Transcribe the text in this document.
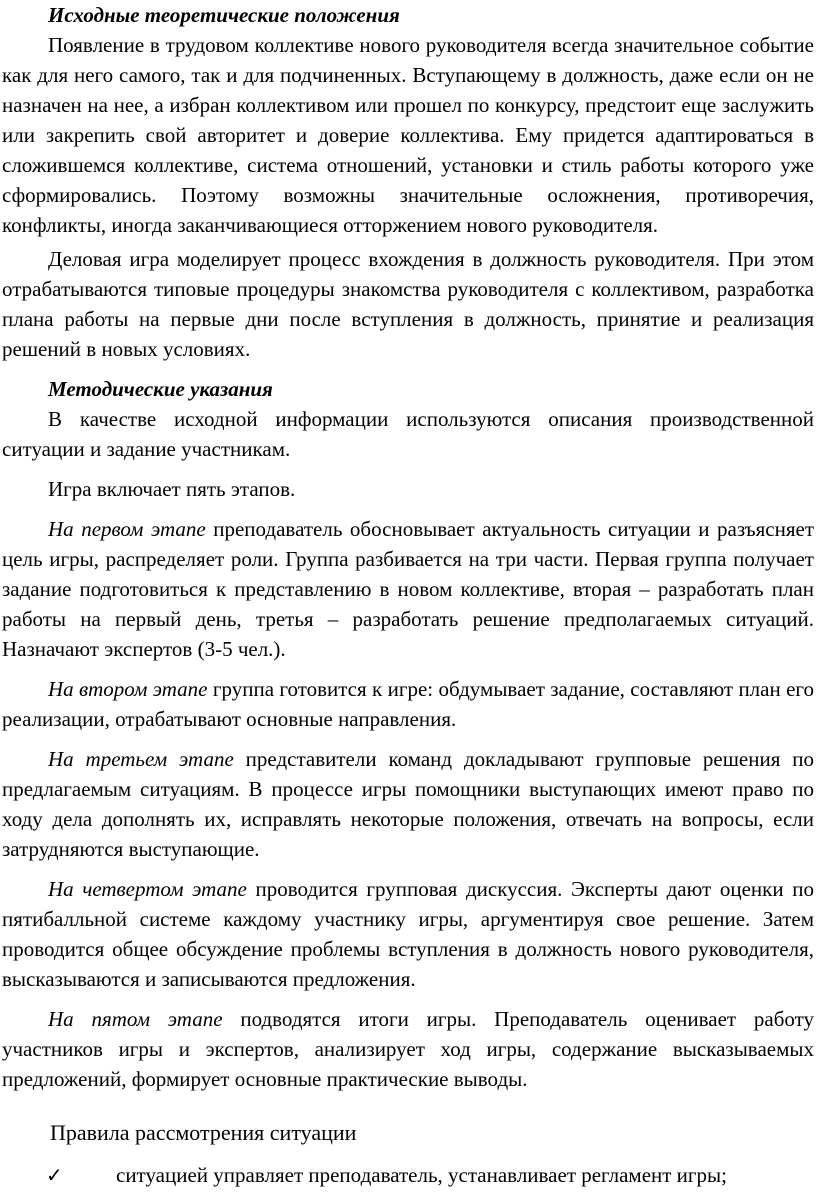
Исходные теоретические положения

Появление в трудовом коллективе нового руководителя всегда значительное событие как для него самого, так и для подчиненных. Вступающему в должность, даже если он не назначен на нее, а избран коллективом или прошел по конкурсу, предстоит еще заслужить или закрепить свой авторитет и доверие коллектива. Ему придется адаптироваться в сложившемся коллективе, система отношений, установки и стиль работы которого уже сформировались. Поэтому возможны значительные осложнения, противоречия, конфликты, иногда заканчивающиеся отторжением нового руководителя.

Деловая игра моделирует процесс вхождения в должность руководителя. При этом отрабатываются типовые процедуры знакомства руководителя с коллективом, разработка плана работы на первые дни после вступления в должность, принятие и реализация решений в новых условиях.

Методические указания

В качестве исходной информации используются описания производственной ситуации и задание участникам.

Игра включает пять этапов.

На первом этапе преподаватель обосновывает актуальность ситуации и разъясняет цель игры, распределяет роли. Группа разбивается на три части. Первая группа получает задание подготовиться к представлению в новом коллективе, вторая – разработать план работы на первый день, третья – разработать решение предполагаемых ситуаций. Назначают экспертов (3-5 чел.).

На втором этапе группа готовится к игре: обдумывает задание, составляют план его реализации, отрабатывают основные направления.

На третьем этапе представители команд докладывают групповые решения по предлагаемым ситуациям. В процессе игры помощники выступающих имеют право по ходу дела дополнять их, исправлять некоторые положения, отвечать на вопросы, если затрудняются выступающие.

На четвертом этапе проводится групповая дискуссия. Эксперты дают оценки по пятибалльной системе каждому участнику игры, аргументируя свое решение. Затем проводится общее обсуждение проблемы вступления в должность нового руководителя, высказываются и записываются предложения.

На пятом этапе подводятся итоги игры. Преподаватель оценивает работу участников игры и экспертов, анализирует ход игры, содержание высказываемых предложений, формирует основные практические выводы.

Правила рассмотрения ситуации

✓	ситуацией управляет преподаватель, устанавливает регламент игры;
